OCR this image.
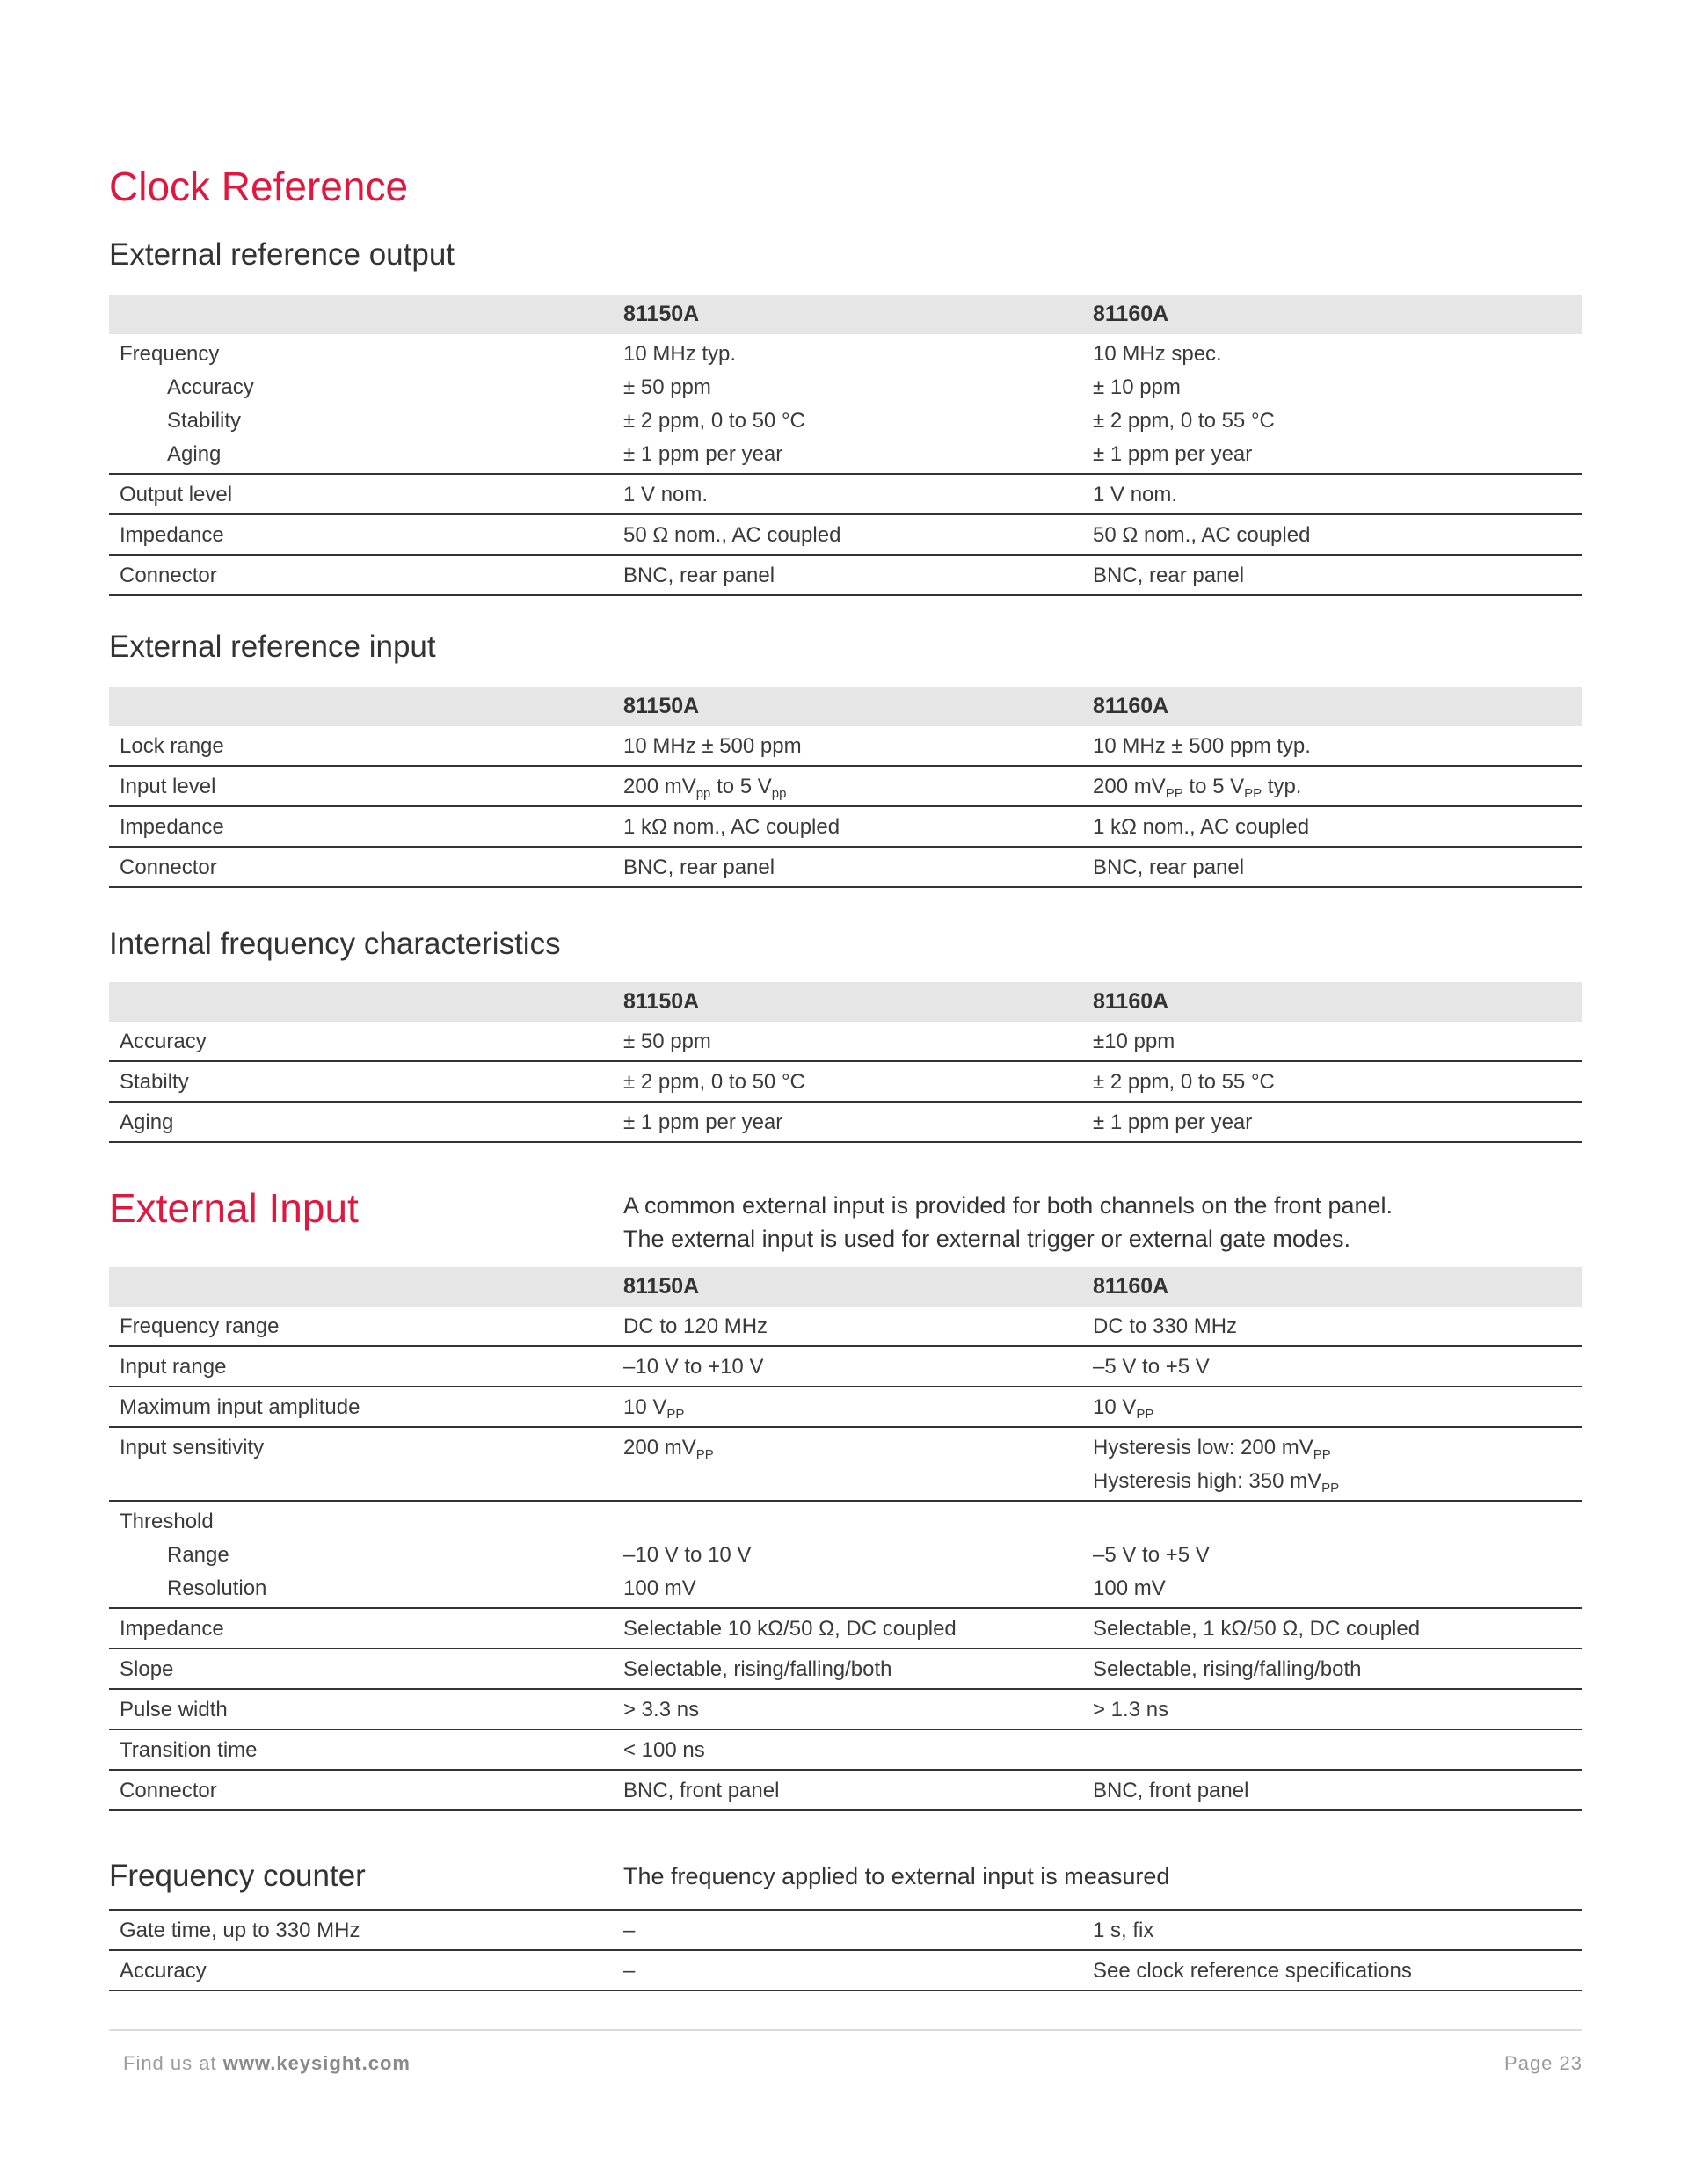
Clock Reference
External reference output
81150A	81160A
Frequency	10 MHz typ.	10 MHz spec.
Accuracy	± 50 ppm	± 10 ppm
Stability	± 2 ppm, 0 to 50 °C	± 2 ppm, 0 to 55 °C
Aging	± 1 ppm per year	± 1 ppm per year
Output level	1 V nom.	1 V nom.
Impedance	50 Ω nom., AC coupled	50 Ω nom., AC coupled
Connector	BNC, rear panel	BNC, rear panel
External reference input
81150A	81160A
Lock range	10 MHz ± 500 ppm	10 MHz ± 500 ppm typ.
Input level	200 $mV_{pp}$ to 5 $V_{pp}$	200 $mV_{PP}$ to 5 $V_{PP}$ typ.
Impedance	1 kΩ nom., AC coupled	1 kΩ nom., AC coupled
Connector	BNC, rear panel	BNC, rear panel
Internal frequency characteristics
81150A	81160A
Accuracy	± 50 ppm	±10 ppm
Stabilty	± 2 ppm, 0 to 50 °C	± 2 ppm, 0 to 55 °C
Aging	± 1 ppm per year	± 1 ppm per year
External Input	A common external input is provided for both channels on the front panel.
The external input is used for external trigger or external gate modes.
81150A	81160A
Frequency range	DC to 120 MHz	DC to 330 MHz
Input range	–10 V to +10 V	–5 V to +5 V
Maximum input amplitude	10 $V_{PP}$	10 $V_{PP}$
Input sensitivity	200 $mV_{PP}$	Hysteresis low: 200 $mV_{PP}$
Hysteresis high: 350 $mV_{PP}$
Threshold
Range	–10 V to 10 V	–5 V to +5 V
Resolution	100 mV	100 mV
Impedance	Selectable 10 kΩ/50 Ω, DC coupled	Selectable, 1 kΩ/50 Ω, DC coupled
Slope	Selectable, rising/falling/both	Selectable, rising/falling/both
Pulse width	> 3.3 ns	> 1.3 ns
Transition time	< 100 ns
Connector	BNC, front panel	BNC, front panel
Frequency counter	The frequency applied to external input is measured
Gate time, up to 330 MHz	–	1 s, fix
Accuracy	–	See clock reference specifications
Find us at www.keysight.com	Page 23
